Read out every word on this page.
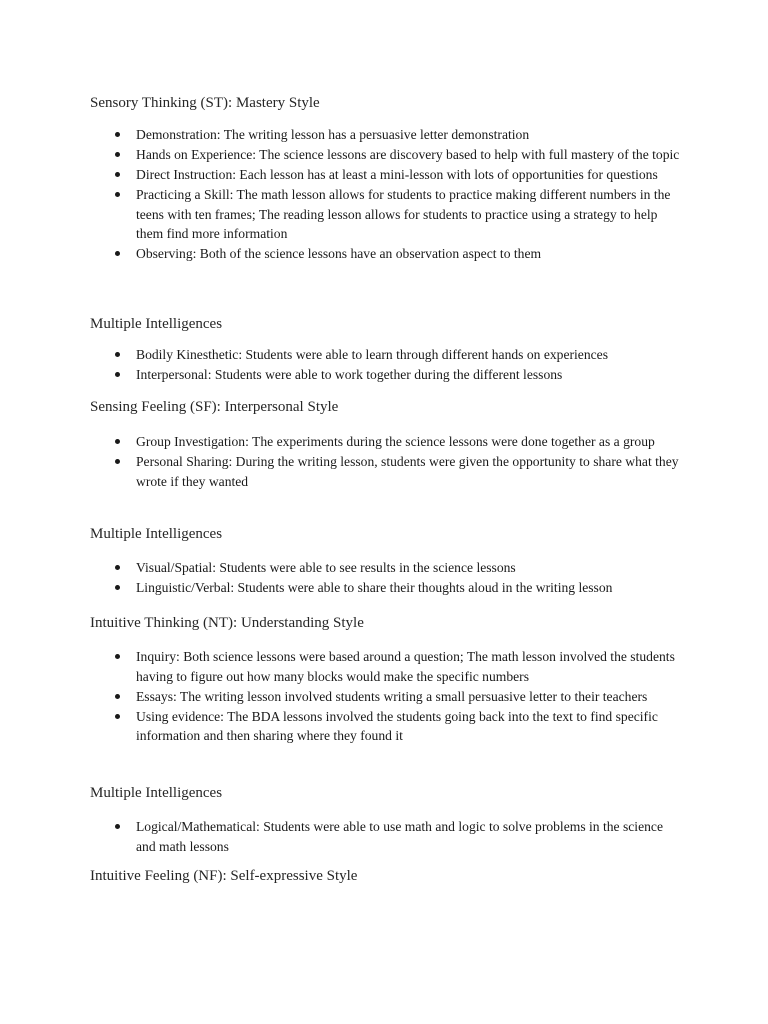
Sensory Thinking (ST): Mastery Style
Demonstration: The writing lesson has a persuasive letter demonstration
Hands on Experience: The science lessons are discovery based to help with full mastery of the topic
Direct Instruction: Each lesson has at least a mini-lesson with lots of opportunities for questions
Practicing a Skill: The math lesson allows for students to practice making different numbers in the teens with ten frames; The reading lesson allows for students to practice using a strategy to help them find more information
Observing: Both of the science lessons have an observation aspect to them
Multiple Intelligences
Bodily Kinesthetic: Students were able to learn through different hands on experiences
Interpersonal: Students were able to work together during the different lessons
Sensing Feeling (SF): Interpersonal Style
Group Investigation: The experiments during the science lessons were done together as a group
Personal Sharing: During the writing lesson, students were given the opportunity to share what they wrote if they wanted
Multiple Intelligences
Visual/Spatial: Students were able to see results in the science lessons
Linguistic/Verbal: Students were able to share their thoughts aloud in the writing lesson
Intuitive Thinking (NT): Understanding Style
Inquiry: Both science lessons were based around a question; The math lesson involved the students having to figure out how many blocks would make the specific numbers
Essays: The writing lesson involved students writing a small persuasive letter to their teachers
Using evidence: The BDA lessons involved the students going back into the text to find specific information and then sharing where they found it
Multiple Intelligences
Logical/Mathematical: Students were able to use math and logic to solve problems in the science and math lessons
Intuitive Feeling (NF): Self-expressive Style
